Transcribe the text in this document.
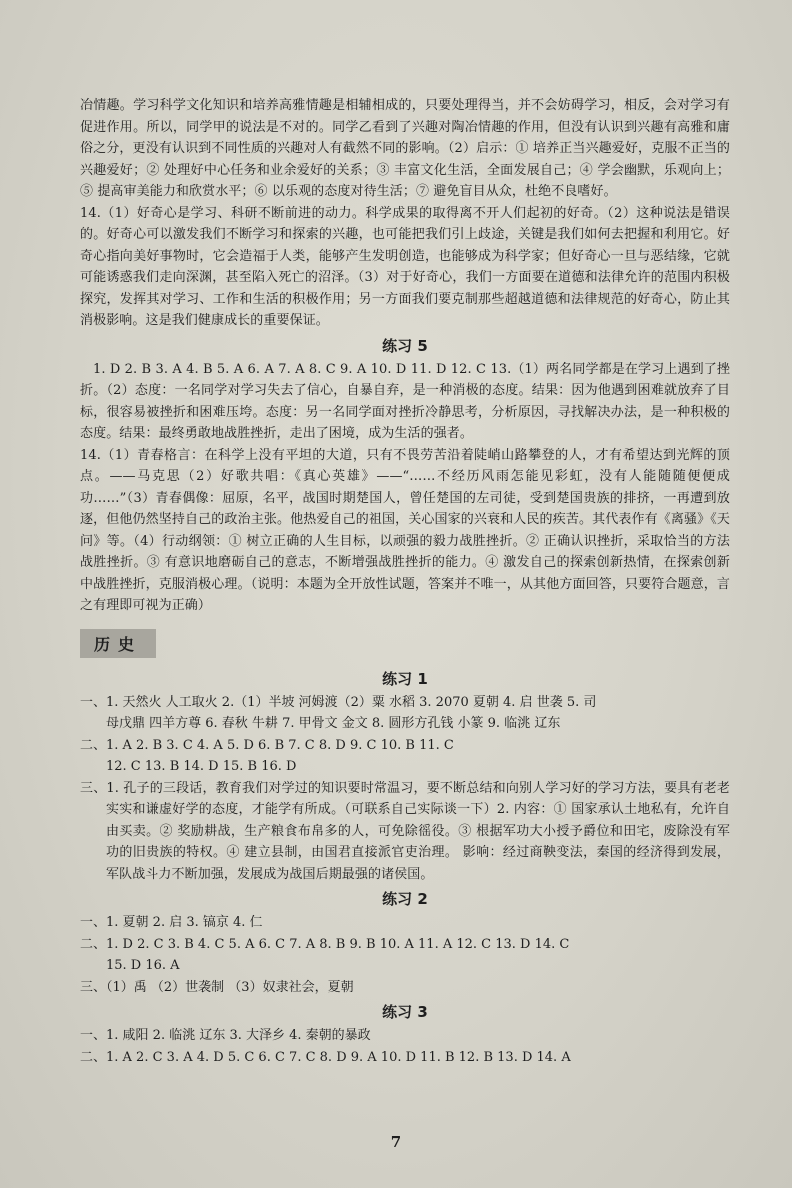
冶情趣。学习科学文化知识和培养高雅情趣是相辅相成的，只要处理得当，并不会妨碍学习，相反，会对学习有促进作用。所以，同学甲的说法是不对的。同学乙看到了兴趣对陶冶情趣的作用，但没有认识到兴趣有高雅和庸俗之分，更没有认识到不同性质的兴趣对人有截然不同的影响。（2）启示：① 培养正当兴趣爱好，克服不正当的兴趣爱好；② 处理好中心任务和业余爱好的关系；③ 丰富文化生活，全面发展自己；④ 学会幽默，乐观向上；⑤ 提高审美能力和欣赏水平；⑥ 以乐观的态度对待生活；⑦ 避免盲目从众，杜绝不良嗜好。

14.（1）好奇心是学习、科研不断前进的动力。科学成果的取得离不开人们起初的好奇。（2）这种说法是错误的。好奇心可以激发我们不断学习和探索的兴趣，也可能把我们引上歧途，关键是我们如何去把握和利用它。好奇心指向美好事物时，它会造福于人类，能够产生发明创造，也能够成为科学家；但好奇心一旦与恶结缘，它就可能诱惑我们走向深渊，甚至陷入死亡的沼泽。（3）对于好奇心，我们一方面要在道德和法律允许的范围内积极探究，发挥其对学习、工作和生活的积极作用；另一方面我们要克制那些超越道德和法律规范的好奇心，防止其消极影响。这是我们健康成长的重要保证。

练习 5

1. D 2. B 3. A 4. B 5. A 6. A 7. A 8. C 9. A 10. D 11. D 12. C 13.（1）两名同学都是在学习上遇到了挫折。（2）态度：一名同学对学习失去了信心，自暴自弃，是一种消极的态度。结果：因为他遇到困难就放弃了目标，很容易被挫折和困难压垮。态度：另一名同学面对挫折冷静思考，分析原因，寻找解决办法，是一种积极的态度。结果：最终勇敢地战胜挫折，走出了困境，成为生活的强者。

14.（1）青春格言：在科学上没有平坦的大道，只有不畏劳苦沿着陡峭山路攀登的人，才有希望达到光辉的顶点。——马克思（2）好歌共唱：《真心英雄》——“……不经历风雨怎能见彩虹，没有人能随随便便成功……”（3）青春偶像：屈原，名平，战国时期楚国人，曾任楚国的左司徒，受到楚国贵族的排挤，一再遭到放逐，但他仍然坚持自己的政治主张。他热爱自己的祖国，关心国家的兴衰和人民的疾苦。其代表作有《离骚》《天问》等。（4）行动纲领：① 树立正确的人生目标，以顽强的毅力战胜挫折。② 正确认识挫折，采取恰当的方法战胜挫折。③ 有意识地磨砺自己的意志，不断增强战胜挫折的能力。④ 激发自己的探索创新热情，在探索创新中战胜挫折，克服消极心理。（说明：本题为全开放性试题，答案并不唯一，从其他方面回答，只要符合题意，言之有理即可视为正确）

历史
练习 1
一、1. 天然火 人工取火 2.（1）半坡 河姆渡（2）粟 水稻 3. 2070 夏朝 4. 启 世袭 5. 司
母戊鼎 四羊方尊 6. 春秋 牛耕 7. 甲骨文 金文 8. 圆形方孔钱 小篆 9. 临洮 辽东
二、1. A 2. B 3. C 4. A 5. D 6. B 7. C 8. D 9. C 10. B 11. C
12. C 13. B 14. D 15. B 16. D

三、1. 孔子的三段话，教育我们对学过的知识要时常温习，要不断总结和向别人学习好的学习方法，要具有老老实实和谦虚好学的态度，才能学有所成。（可联系自己实际谈一下）2. 内容：① 国家承认土地私有，允许自由买卖。② 奖励耕战，生产粮食布帛多的人，可免除徭役。③ 根据军功大小授予爵位和田宅，废除没有军功的旧贵族的特权。④ 建立县制，由国君直接派官吏治理。 影响：经过商鞅变法，秦国的经济得到发展，军队战斗力不断加强，发展成为战国后期最强的诸侯国。

练习 2
一、1. 夏朝 2. 启 3. 镐京 4. 仁
二、1. D 2. C 3. B 4. C 5. A 6. C 7. A 8. B 9. B 10. A 11. A 12. C 13. D 14. C
15. D 16. A
三、（1）禹 （2）世袭制 （3）奴隶社会，夏朝
练习 3
一、1. 咸阳 2. 临洮 辽东 3. 大泽乡 4. 秦朝的暴政
二、1. A 2. C 3. A 4. D 5. C 6. C 7. C 8. D 9. A 10. D 11. B 12. B 13. D 14. A
7
